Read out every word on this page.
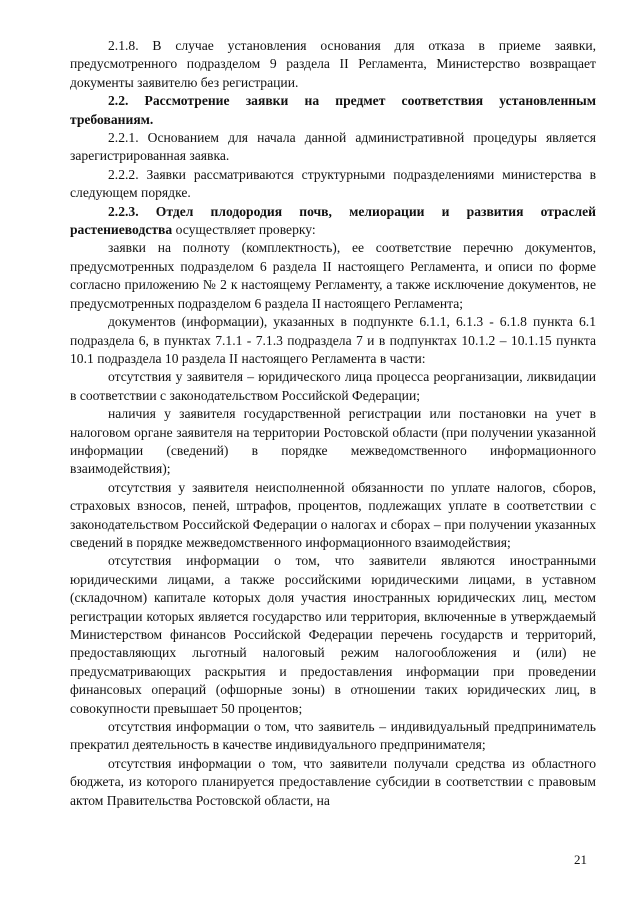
2.1.8. В случае установления основания для отказа в приеме заявки, предусмотренного подразделом 9 раздела II Регламента, Министерство возвращает документы заявителю без регистрации.

2.2. Рассмотрение заявки на предмет соответствия установленным требованиям.

2.2.1. Основанием для начала данной административной процедуры является зарегистрированная заявка.

2.2.2. Заявки рассматриваются структурными подразделениями министерства в следующем порядке.

2.2.3. Отдел плодородия почв, мелиорации и развития отраслей растениеводства осуществляет проверку:

заявки на полноту (комплектность), ее соответствие перечню документов, предусмотренных подразделом 6 раздела II настоящего Регламента, и описи по форме согласно приложению № 2 к настоящему Регламенту, а также исключение документов, не предусмотренных подразделом 6 раздела II настоящего Регламента;

документов (информации), указанных в подпункте 6.1.1, 6.1.3 - 6.1.8 пункта 6.1 подраздела 6, в пунктах 7.1.1 - 7.1.3 подраздела 7 и в подпунктах 10.1.2 – 10.1.15 пункта 10.1 подраздела 10 раздела II настоящего Регламента в части:

отсутствия у заявителя – юридического лица процесса реорганизации, ликвидации в соответствии с законодательством Российской Федерации;

наличия у заявителя государственной регистрации или постановки на учет в налоговом органе заявителя на территории Ростовской области (при получении указанной информации (сведений) в порядке межведомственного информационного взаимодействия);

отсутствия у заявителя неисполненной обязанности по уплате налогов, сборов, страховых взносов, пеней, штрафов, процентов, подлежащих уплате в соответствии с законодательством Российской Федерации о налогах и сборах – при получении указанных сведений в порядке межведомственного информационного взаимодействия;

отсутствия информации о том, что заявители являются иностранными юридическими лицами, а также российскими юридическими лицами, в уставном (складочном) капитале которых доля участия иностранных юридических лиц, местом регистрации которых является государство или территория, включенные в утверждаемый Министерством финансов Российской Федерации перечень государств и территорий, предоставляющих льготный налоговый режим налогообложения и (или) не предусматривающих раскрытия и предоставления информации при проведении финансовых операций (офшорные зоны) в отношении таких юридических лиц, в совокупности превышает 50 процентов;

отсутствия информации о том, что заявитель – индивидуальный предприниматель прекратил деятельность в качестве индивидуального предпринимателя;

отсутствия информации о том, что заявители получали средства из областного бюджета, из которого планируется предоставление субсидии в соответствии с правовым актом Правительства Ростовской области, на

21
